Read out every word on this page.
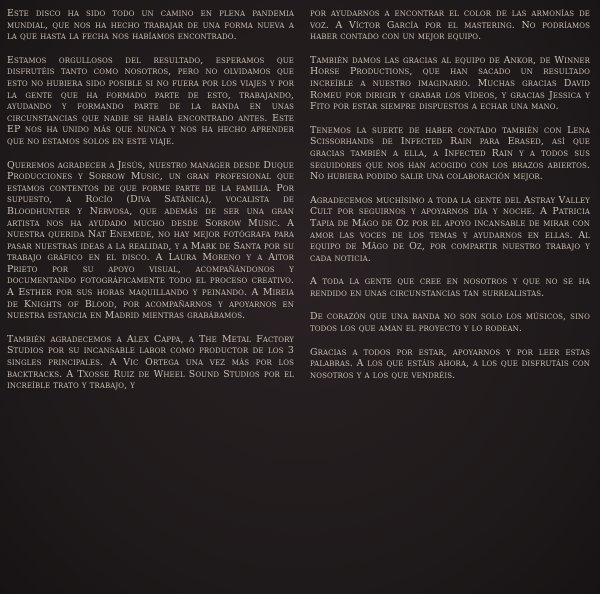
Este disco ha sido todo un camino en plena pandemia mundial, que nos ha hecho trabajar de una forma nueva a la que hasta la fecha nos habíamos encontrado.

Estamos orgullosos del resultado, esperamos que disfrutéis tanto como nosotros, pero no olvidamos que esto no hubiera sido posible si no fuera por los viajes y por la gente que ha formado parte de esto, trabajando, ayudando y formando parte de la banda en unas circunstancias que nadie se había encontrado antes. Este EP nos ha unido más que nunca y nos ha hecho aprender que no estamos solos en este viaje.

Queremos agradecer a Jesús, nuestro manager desde Duque Producciones y Sorrow Music, un gran profesional que estamos contentos de que forme parte de la familia. Por supuesto, a Rocío (Diva Satánica), vocalista de Bloodhunter y Nervosa, que además de ser una gran artista nos ha ayudado mucho desde Sorrow Music. A nuestra querida Nat Enemede, no hay mejor fotógrafa para pasar nuestras ideas a la realidad, y a Mark de Santa por su trabajo gráfico en el disco. A Laura Moreno y a Aitor Prieto por su apoyo visual, acompañándonos y documentando fotográficamente todo el proceso creativo. A Esther por sus horas maquillando y peinando. A Mireia de Knights of Blood, por acompañarnos y apoyarnos en nuestra estancia en Madrid mientras grabábamos.

También agradecemos a Alex Cappa, a The Metal Factory Studios por su incansable labor como productor de los 3 singles principales. A Vic Ortega una vez más por los backtracks. A Txosse Ruiz de Wheel Sound Studios por el increíble trato y trabajo, y

por ayudarnos a encontrar el color de las armonías de voz. A Víctor García por el mastering. No podríamos haber contado con un mejor equipo.

También damos las gracias al equipo de Ankor, de Winner Horse Productions, que han sacado un resultado increíble a nuestro imaginario. Muchas gracias David Romeu por dirigir y grabar los vídeos, y gracias Jessica y Fito por estar siempre dispuestos a echar una mano.

Tenemos la suerte de haber contado también con Lena Scissorhands de Infected Rain para Erased, así que gracias también a ella, a Infected Rain y a todos sus seguidores que nos han acogido con los brazos abiertos. No hubiera podido salir una colaboración mejor.

Agradecemos muchísimo a toda la gente del Astray Valley Cult por seguirnos y apoyarnos día y noche. A Patricia Tapia de Mágo de Oz por el apoyo incansable de mirar con amor las voces de los temas y ayudarnos en ellas. Al equipo de Mägo de Oz, por compartir nuestro trabajo y cada noticia.

A toda la gente que cree en nosotros y que no se ha rendido en unas circunstancias tan surrealistas.

De corazón que una banda no son solo los músicos, sino todos los que aman el proyecto y lo rodean.

Gracias a todos por estar, apoyarnos y por leer estas palabras. A los que estáis ahora, a los que disfrutáis con nosotros y a los que vendréis.
